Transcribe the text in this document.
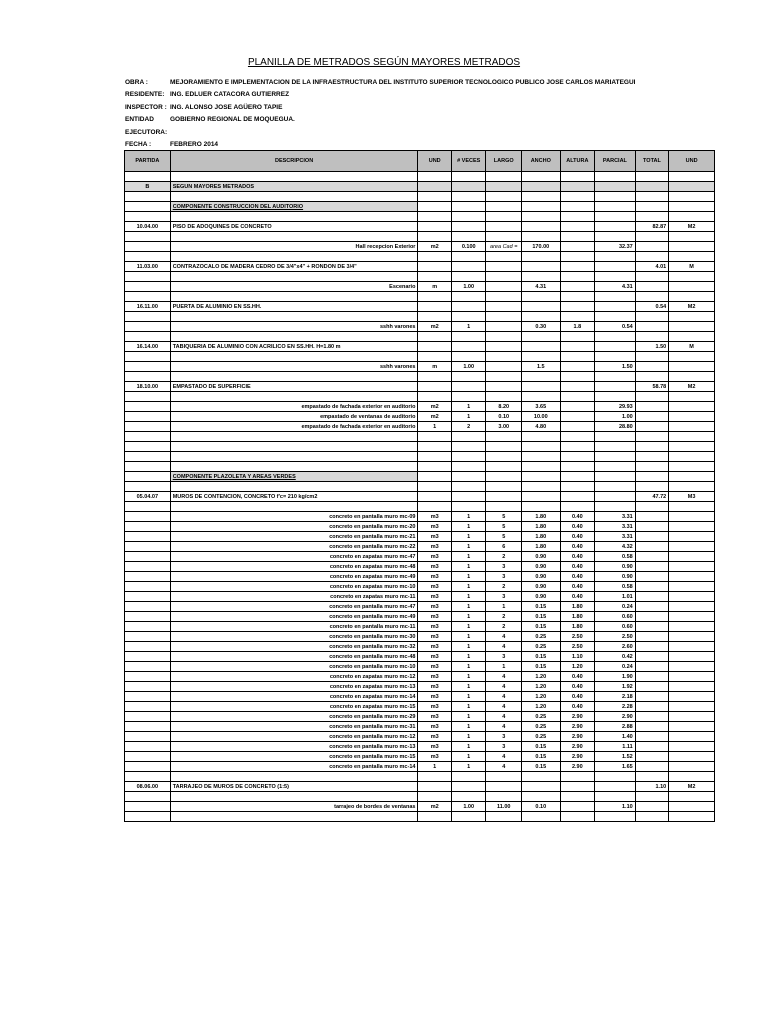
PLANILLA DE METRADOS SEGÚN MAYORES METRADOS
OBRA :	MEJORAMIENTO E IMPLEMENTACION DE LA INFRAESTRUCTURA DEL INSTITUTO SUPERIOR TECNOLOGICO PUBLICO JOSE CARLOS MARIATEGUI
RESIDENTE: ING. EDLUER CATACORA GUTIERREZ
INSPECTOR : ING. ALONSO JOSE AGÜERO TAPIE
ENTIDAD EJECUTORA:
GOBIERNO REGIONAL DE MOQUEGUA.
FECHA :	FEBRERO 2014
PARTIDA	DESCRIPCION	UND	# VECES	LARGO	ANCHO	ALTURA	PARCIAL	TOTAL	UND

B	SEGUN MAYORES METRADOS								

	COMPONENTE CONSTRUCCION DEL AUDITORIO								

10.04.00	PISO DE ADOQUINES DE CONCRETO							82.87	M2

	Hall recepcion Exterior	m2	0.100	area Cad =	170.00		32.37		

11.03.00	CONTRAZOCALO DE MADERA CEDRO DE 3/4"x4" + RONDON DE 3/4"							4.01	M

	Escenario	m	1.00		4.31		4.31		

16.11.00	PUERTA DE ALUMINIO EN SS.HH.							0.54	M2

	sshh varones	m2	1		0.30	1.8	0.54		

16.14.00	TABIQUERIA DE ALUMINIO CON ACRILICO EN SS.HH. H=1.80 m							1.50	M

	sshh varones	m	1.00		1.5		1.50		

18.10.00	EMPASTADO DE SUPERFICIE							58.78	M2

	empastado de fachada exterior en auditorio	m2	1	8.20	3.65		29.93		
	empastado de ventanas de auditorio	m2	1	0.10	10.00		1.00		
	empastado de fachada exterior en auditorio	1	2	3.00	4.80		28.80		

	COMPONENTE PLAZOLETA Y AREAS VERDES								

05.04.07	MUROS DE CONTENCION, CONCRETO f'c= 210 kg/cm2							47.72	M3

	concreto en pantalla muro mc-09	m3	1	5	1.80	0.40	3.31		
	concreto en pantalla muro mc-20	m3	1	5	1.80	0.40	3.31		
	concreto en pantalla muro mc-21	m3	1	5	1.80	0.40	3.31		
	concreto en pantalla muro mc-22	m3	1	6	1.80	0.40	4.32		
	concreto en zapatas muro mc-47	m3	1	2	0.90	0.40	0.58		
	concreto en zapatas muro mc-48	m3	1	3	0.90	0.40	0.90		
	concreto en zapatas muro mc-49	m3	1	3	0.90	0.40	0.90		
	concreto en zapatas muro mc-10	m3	1	2	0.90	0.40	0.58		
	concreto en zapatas muro mc-11	m3	1	3	0.90	0.40	1.01		
	concreto en pantalla muro mc-47	m3	1	1	0.15	1.80	0.24		
	concreto en pantalla muro mc-49	m3	1	2	0.15	1.80	0.60		
	concreto en pantalla muro mc-11	m3	1	2	0.15	1.80	0.60		
	concreto en pantalla muro mc-30	m3	1	4	0.25	2.50	2.50		
	concreto en pantalla muro mc-32	m3	1	4	0.25	2.50	2.60		
	concreto en pantalla muro mc-48	m3	1	3	0.15	1.10	0.42		
	concreto en pantalla muro mc-10	m3	1	1	0.15	1.20	0.24		
	concreto en zapatas muro mc-12	m3	1	4	1.20	0.40	1.90		
	concreto en zapatas muro mc-13	m3	1	4	1.20	0.40	1.92		
	concreto en zapatas muro mc-14	m3	1	4	1.20	0.40	2.18		
	concreto en zapatas muro mc-15	m3	1	4	1.20	0.40	2.28		
	concreto en pantalla muro mc-29	m3	1	4	0.25	2.90	2.90		
	concreto en pantalla muro mc-31	m3	1	4	0.25	2.90	2.88		
	concreto en pantalla muro mc-12	m3	1	3	0.25	2.90	1.40		
	concreto en pantalla muro mc-13	m3	1	3	0.15	2.90	1.11		
	concreto en pantalla muro mc-15	m3	1	4	0.15	2.90	1.52		
	concreto en pantalla muro mc-14	1	1	4	0.15	2.90	1.65		

08.06.00	TARRAJEO DE MUROS DE CONCRETO (1:5)							1.10	M2

	tarrajeo de bordes de ventanas	m2	1.00	11.00	0.10		1.10		
